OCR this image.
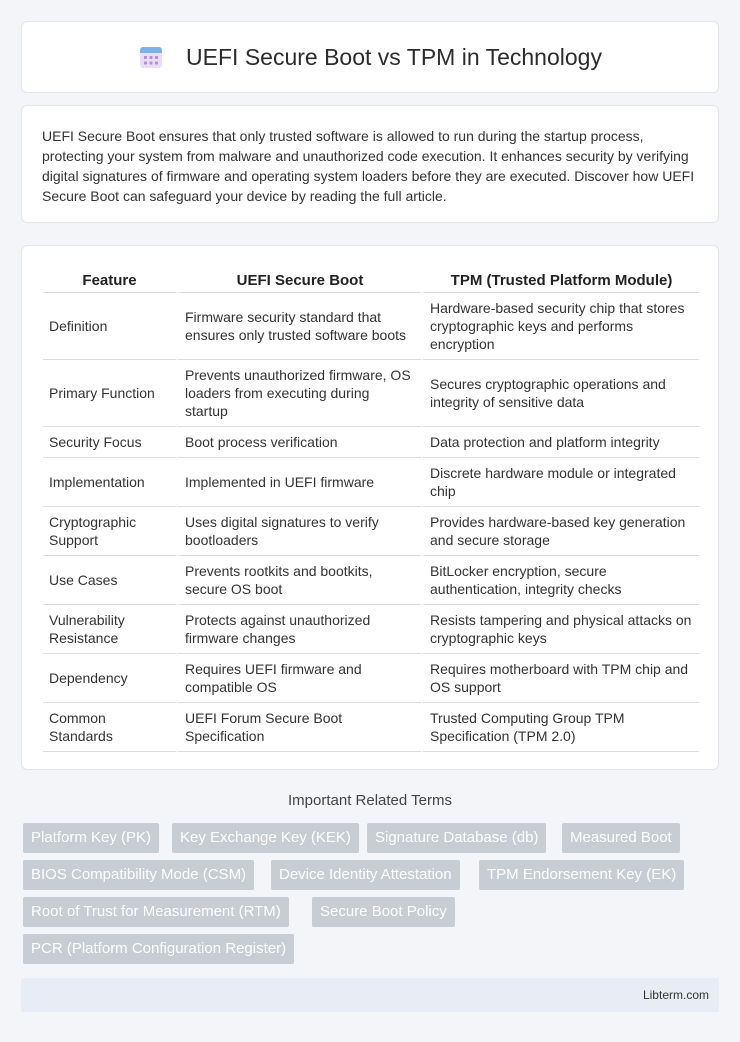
UEFI Secure Boot vs TPM in Technology

UEFI Secure Boot ensures that only trusted software is allowed to run during the startup process, protecting your system from malware and unauthorized code execution. It enhances security by verifying digital signatures of firmware and operating system loaders before they are executed. Discover how UEFI Secure Boot can safeguard your device by reading the full article.

Feature	UEFI Secure Boot	TPM (Trusted Platform Module)
Definition	Firmware security standard that ensures only trusted software boots	Hardware-based security chip that stores cryptographic keys and performs encryption
Primary Function	Prevents unauthorized firmware, OS loaders from executing during startup	Secures cryptographic operations and integrity of sensitive data
Security Focus	Boot process verification	Data protection and platform integrity
Implementation	Implemented in UEFI firmware	Discrete hardware module or integrated chip
Cryptographic Support	Uses digital signatures to verify bootloaders	Provides hardware-based key generation and secure storage
Use Cases	Prevents rootkits and bootkits, secure OS boot	BitLocker encryption, secure authentication, integrity checks
Vulnerability Resistance	Protects against unauthorized firmware changes	Resists tampering and physical attacks on cryptographic keys
Dependency	Requires UEFI firmware and compatible OS	Requires motherboard with TPM chip and OS support
Common Standards	UEFI Forum Secure Boot Specification	Trusted Computing Group TPM Specification (TPM 2.0)
Important Related Terms
Platform Key (PK)	Key Exchange Key (KEK)	Signature Database (db)	Measured Boot
BIOS Compatibility Mode (CSM)	Device Identity Attestation	TPM Endorsement Key (EK)
Root of Trust for Measurement (RTM)	Secure Boot Policy
PCR (Platform Configuration Register)
Libterm.com
